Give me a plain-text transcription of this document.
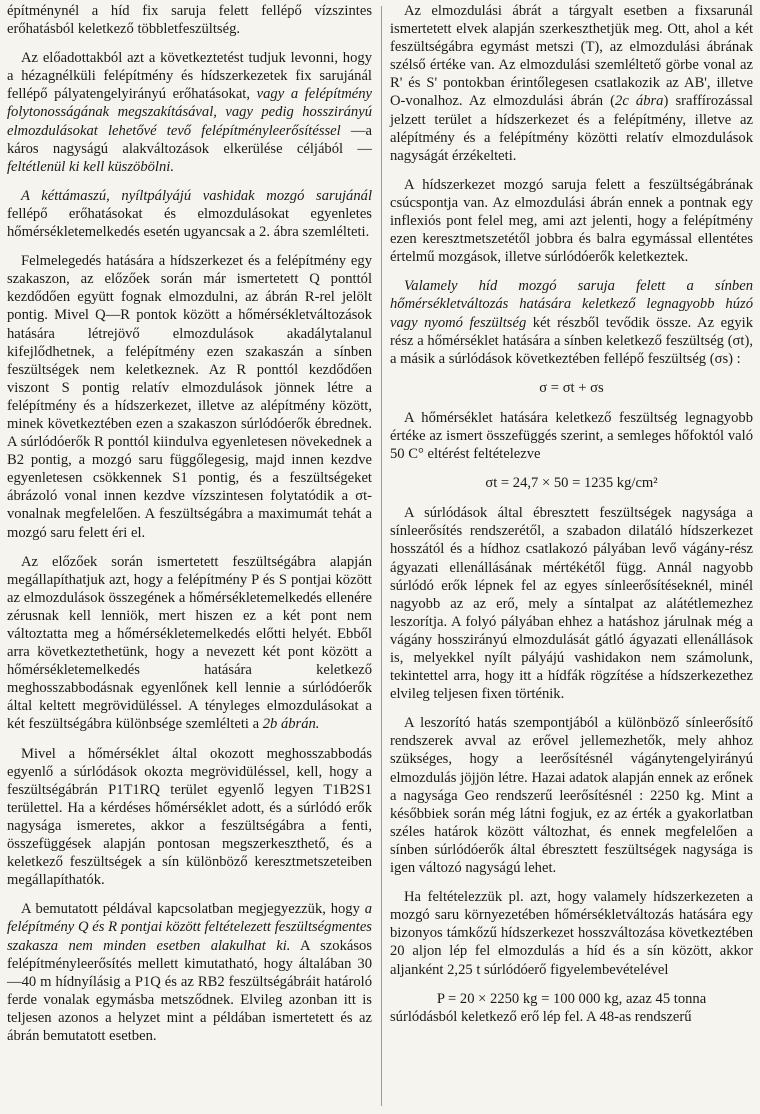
építménynél a híd fix saruja felett fellépő vízszintes erőhatásból keletkező többletfeszültség.

Az előadottakból azt a következtetést tudjuk levonni, hogy a hézagnélküli felépítmény és hídszerkezetek fix sarujánál fellépő pályatengelyirányú erőhatásokat, vagy a felépítmény folytonosságának megszakításával, vagy pedig hosszirányú elmozdulásokat lehetővé tevő felépítményleerősítéssel —a káros nagyságú alakváltozások elkerülése céljából — feltétlenül ki kell küszöbölni.

A kéttámaszú, nyíltpályájú vashidak mozgó sarujánál fellépő erőhatásokat és elmozdulásokat egyenletes hőmérsékletemelkedés esetén ugyancsak a 2. ábra szemlélteti.

Felmelegedés hatására a hídszerkezet és a felépítmény egy szakaszon, az előzőek során már ismertetett Q ponttól kezdődően együtt fognak elmozdulni, az ábrán R-rel jelölt pontig. Mivel Q—R pontok között a hőmérsékletváltozások hatására létrejövő elmozdulások akadálytalanul kifejlődhetnek, a felépítmény ezen szakaszán a sínben feszültségek nem keletkeznek. Az R ponttól kezdődően viszont S pontig relatív elmozdulások jönnek létre a felépítmény és a hídszerkezet, illetve az alépítmény között, minek következtében ezen a szakaszon súrlódóerők ébrednek. A súrlódóerők R ponttól kiindulva egyenletesen növekednek a B2 pontig, a mozgó saru függőlegesig, majd innen kezdve egyenletesen csökkennek S1 pontig, és a feszültségeket ábrázoló vonal innen kezdve vízszintesen folytatódik a σt-vonalnak megfelelően. A feszültségábra a maximumát tehát a mozgó saru felett éri el.

Az előzőek során ismertetett feszültségábra alapján megállapíthatjuk azt, hogy a felépítmény P és S pontjai között az elmozdulások összegének a hőmérsékletemelkedés ellenére zérusnak kell lenniök, mert hiszen ez a két pont nem változtatta meg a hőmérsékletemelkedés előtti helyét. Ebből arra következtethetünk, hogy a nevezett két pont között a hőmérsékletemelkedés hatására keletkező meghosszabbodásnak egyenlőnek kell lennie a súrlódóerők által keltett megrövidüléssel. A tényleges elmozdulásokat a két feszültségábra különbsége szemlélteti a 2b ábrán.

Mivel a hőmérséklet által okozott meghosszabbodás egyenlő a súrlódások okozta megrövidüléssel, kell, hogy a feszültségábrán P1T1RQ terület egyenlő legyen T1B2S1 területtel. Ha a kérdéses hőmérséklet adott, és a súrlódó erők nagysága ismeretes, akkor a feszültségábra a fenti, összefüggések alapján pontosan megszerkeszthető, és a keletkező feszültségek a sín különböző keresztmetszeteiben megállapíthatók.

A bemutatott példával kapcsolatban megjegyezzük, hogy a felépítmény Q és R pontjai között feltételezett feszültségmentes szakasza nem minden esetben alakulhat ki. A szokásos felépítményleerősítés mellett kimutatható, hogy általában 30—40 m hídnyílásig a P1Q és az RB2 feszültségábráit határoló ferde vonalak egymásba metsződnek. Elvileg azonban itt is teljesen azonos a helyzet mint a példában ismertetett és az ábrán bemutatott esetben.

Az elmozdulási ábrát a tárgyalt esetben a fixsarunál ismertetett elvek alapján szerkeszthetjük meg. Ott, ahol a két feszültségábra egymást metszi (T), az elmozdulási ábrának szélső értéke van. Az elmozdulási szemléltető görbe vonal az R' és S' pontokban érintőlegesen csatlakozik az AB', illetve O-vonalhoz. Az elmozdulási ábrán (2c ábra) sraffírozással jelzett terület a hídszerkezet és a felépítmény, illetve az alépítmény és a felépítmény közötti relatív elmozdulások nagyságát érzékelteti.

A hídszerkezet mozgó saruja felett a feszültségábrának csúcspontja van. Az elmozdulási ábrán ennek a pontnak egy inflexiós pont felel meg, ami azt jelenti, hogy a felépítmény ezen keresztmetszetétől jobbra és balra egymással ellentétes értelmű mozgások, illetve súrlódóerők keletkeztek.

Valamely híd mozgó saruja felett a sínben hőmérsékletváltozás hatására keletkező legnagyobb húzó vagy nyomó feszültség két részből tevődik össze. Az egyik rész a hőmérséklet hatására a sínben keletkező feszültség (σt), a másik a súrlódások következtében fellépő feszültség (σs) :

σ = σt + σs

A hőmérséklet hatására keletkező feszültség legnagyobb értéke az ismert összefüggés szerint, a semleges hőfoktól való 50 C° eltérést feltételezve

σt = 24,7 × 50 = 1235 kg/cm²

A súrlódások által ébresztett feszültségek nagysága a sínleerősítés rendszerétől, a szabadon dilatáló hídszerkezet hosszától és a hídhoz csatlakozó pályában levő vágány-rész ágyazati ellenállásának mértékétől függ. Annál nagyobb súrlódó erők lépnek fel az egyes sínleerősítéseknél, minél nagyobb az az erő, mely a síntalpat az alátétlemezhez leszorítja. A folyó pályában ehhez a hatáshoz járulnak még a vágány hosszirányú elmozdulását gátló ágyazati ellenállások is, melyekkel nyílt pályájú vashidakon nem számolunk, tekintettel arra, hogy itt a hídfák rögzítése a hídszerkezethez elvileg teljesen fixen történik.

A leszorító hatás szempontjából a különböző sínleerősítő rendszerek avval az erővel jellemezhetők, mely ahhoz szükséges, hogy a leerősítésnél vágánytengelyirányú elmozdulás jöjjön létre. Hazai adatok alapján ennek az erőnek a nagysága Geo rendszerű leerősítésnél : 2250 kg. Mint a későbbiek során még látni fogjuk, ez az érték a gyakorlatban széles határok között változhat, és ennek megfelelően a sínben súrlódóerők által ébresztett feszültségek nagysága is igen változó nagyságú lehet.

Ha feltételezzük pl. azt, hogy valamely hídszerkezeten a mozgó saru környezetében hőmérsékletváltozás hatására egy bizonyos támkőzű hídszerkezet hosszváltozása következtében 20 aljon lép fel elmozdulás a híd és a sín között, akkor aljanként 2,25 t súrlódóerő figyelembevételével

P = 20 × 2250 kg = 100 000 kg, azaz 45 tonna

súrlódásból keletkező erő lép fel. A 48-as rendszerű
